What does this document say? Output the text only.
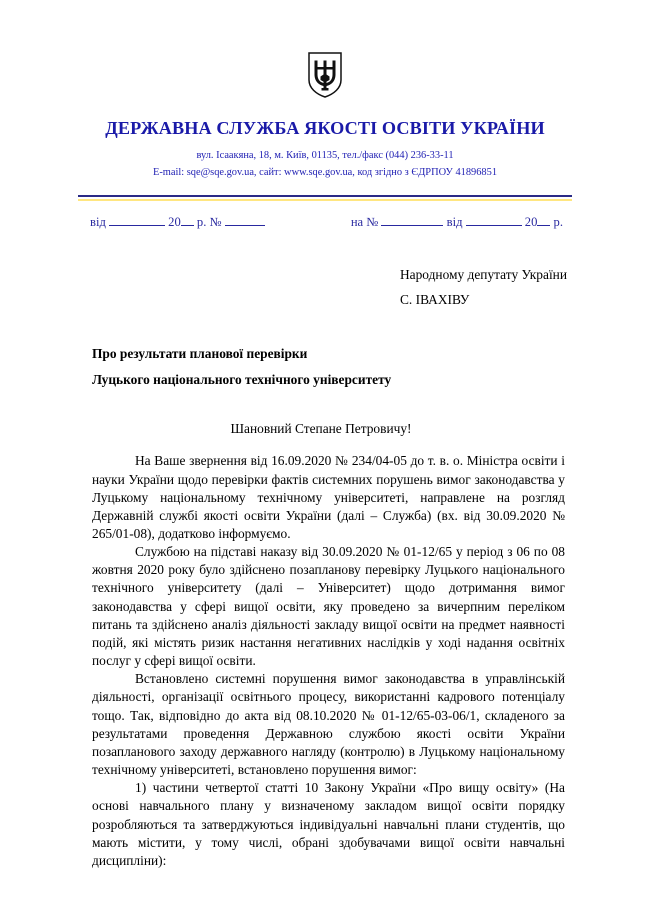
ДЕРЖАВНА СЛУЖБА ЯКОСТІ ОСВІТИ УКРАЇНИ
вул. Ісаакяна, 18, м. Київ, 01135, тел./факс (044) 236-33-11
E-mail: sqe@sqe.gov.ua, сайт: www.sqe.gov.ua, код згідно з ЄДРПОУ 41896851
від	20 р. №	на №	від	20 р.
Народному депутату України
С. ІВАХІВУ
Про результати планової перевірки
Луцького національного технічного університету
Шановний Степане Петровичу!

На Ваше звернення від 16.09.2020 № 234/04-05 до т. в. о. Міністра освіти і науки України щодо перевірки фактів системних порушень вимог законодавства у Луцькому національному технічному університеті, направлене на розгляд Державній службі якості освіти України (далі – Служба) (вх. від 30.09.2020 № 265/01-08), додатково інформуємо.

Службою на підставі наказу від 30.09.2020 № 01-12/65 у період з 06 по 08 жовтня 2020 року було здійснено позапланову перевірку Луцького національного технічного університету (далі – Університет) щодо дотримання вимог законодавства у сфері вищої освіти, яку проведено за вичерпним переліком питань та здійснено аналіз діяльності закладу вищої освіти на предмет наявності подій, які містять ризик настання негативних наслідків у ході надання освітніх послуг у сфері вищої освіти.

Встановлено системні порушення вимог законодавства в управлінській діяльності, організації освітнього процесу, використанні кадрового потенціалу тощо. Так, відповідно до акта від 08.10.2020 № 01-12/65-03-06/1, складеного за результатами проведення Державною службою якості освіти України позапланового заходу державного нагляду (контролю) в Луцькому національному технічному університеті, встановлено порушення вимог:

1) частини четвертої статті 10 Закону України «Про вищу освіту» (На основі навчального плану у визначеному закладом вищої освіти порядку розробляються та затверджуються індивідуальні навчальні плани студентів, що мають містити, у тому числі, обрані здобувачами вищої освіти навчальні дисципліни):
